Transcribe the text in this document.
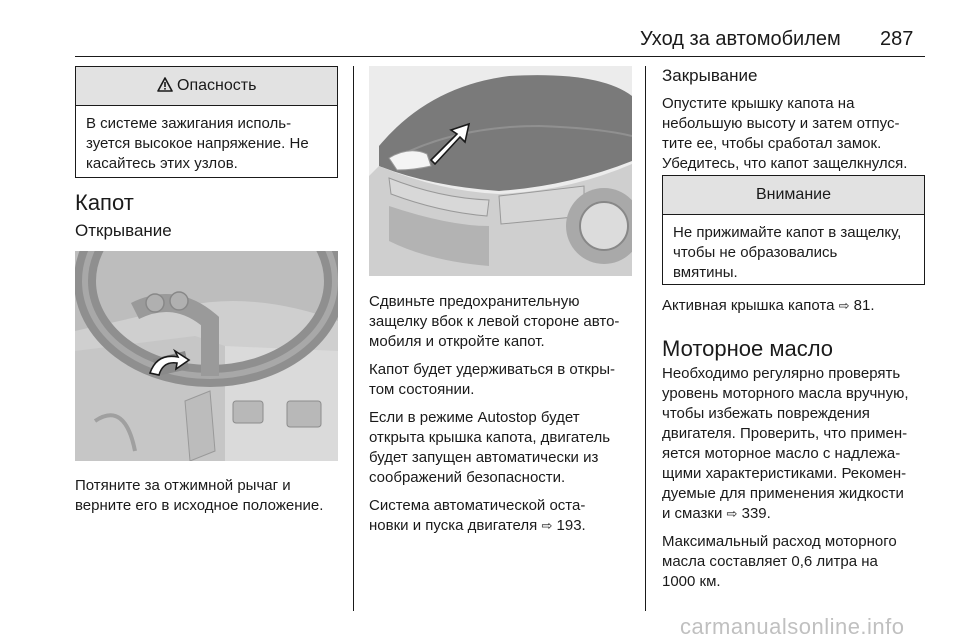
Уход за автомобилем 287
Опасность
В системе зажигания исполь-
зуется высокое напряжение. Не
касайтесь этих узлов.
Капот
Открывание

Потяните за отжимной рычаг и

верните его в исходное положение.

Сдвиньте предохранительную

защелку вбок к левой стороне авто-

мобиля и откройте капот.

Капот будет удерживаться в откры-

том состоянии.

Если в режиме Autostop будет

открыта крышка капота, двигатель

будет запущен автоматически из

соображений безопасности.

Система автоматической оста-

новки и пуска двигателя ⇨ 193.

Закрывание

Опустите крышку капота на

небольшую высоту и затем отпус-

тите ее, чтобы сработал замок.

Убедитесь, что капот защелкнулся.

Внимание
Не прижимайте капот в защелку,
чтобы не образовались
вмятины.

Активная крышка капота ⇨ 81.

Моторное масло

Необходимо регулярно проверять

уровень моторного масла вручную,

чтобы избежать повреждения

двигателя. Проверить, что примен-

яется моторное масло с надлежа-

щими характеристиками. Рекомен-

дуемые для применения жидкости

и смазки ⇨ 339.

Максимальный расход моторного

масла составляет 0,6 литра на

1000 км.

carmanualsonline.info
